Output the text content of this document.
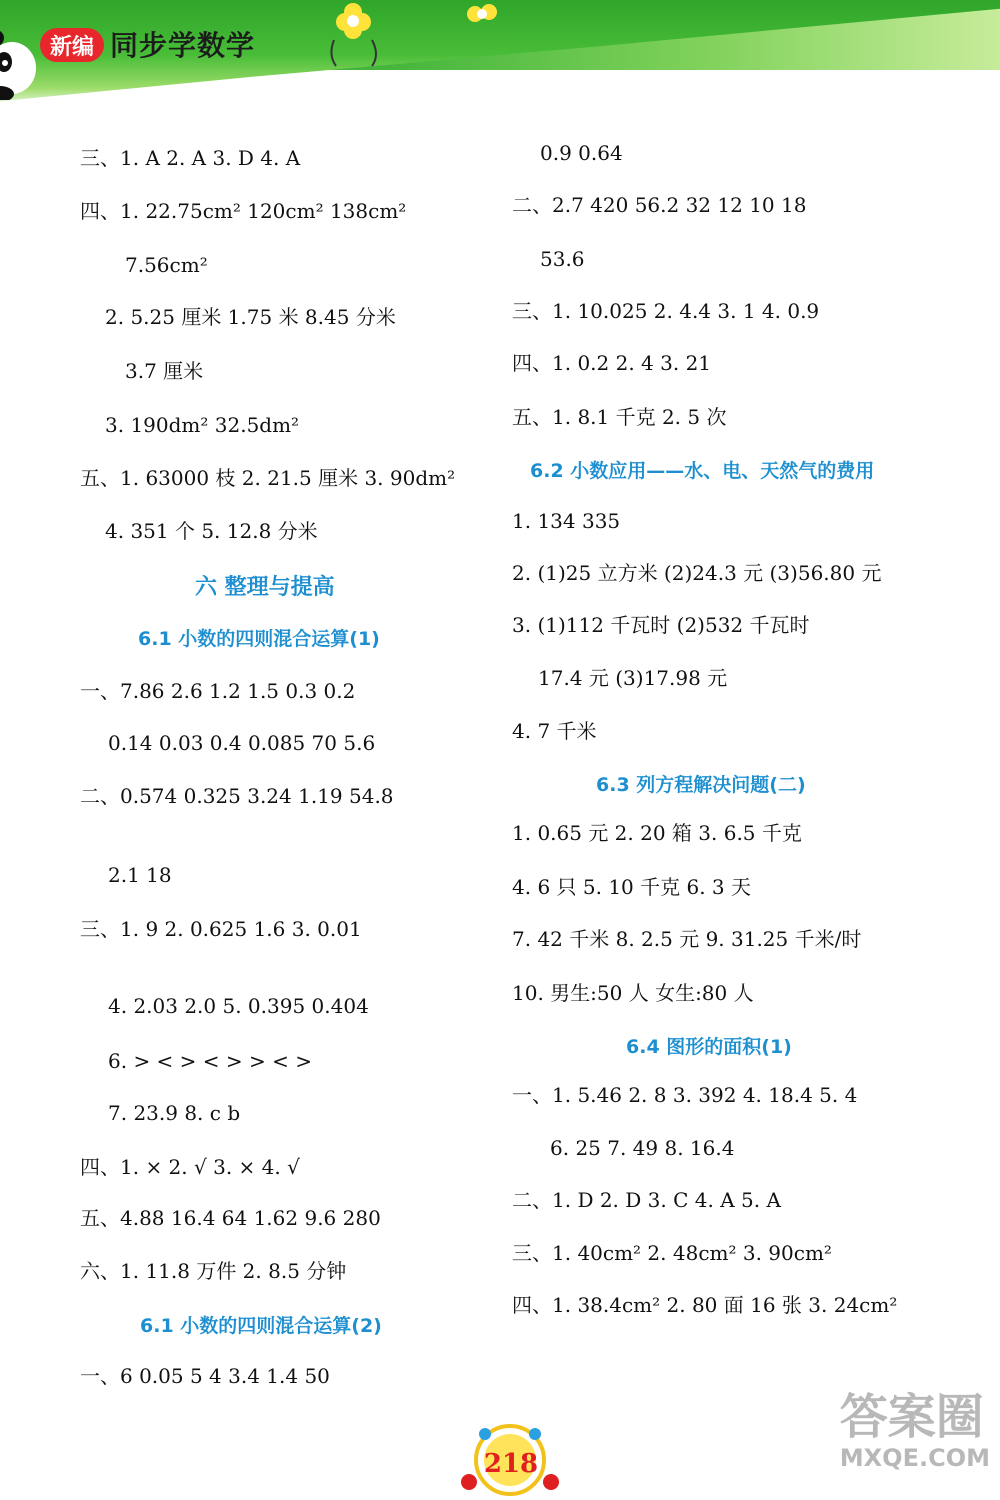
新编 同步学数学
三、1. A 2. A 3. D 4. A
四、1. 22.75cm² 120cm² 138cm²
7.56cm²
2. 5.25 厘米 1.75 米 8.45 分米
3.7 厘米
3. 190dm² 32.5dm²
五、1. 63000 枝 2. 21.5 厘米 3. 90dm²
4. 351 个 5. 12.8 分米
一、7.86 2.6 1.2 1.5 0.3 0.2
0.14 0.03 0.4 0.085 70 5.6
二、0.574 0.325 3.24 1.19 54.8
2.1 18
三、1. 9 2. 0.625 1.6 3. 0.01
4. 2.03 2.0 5. 0.395 0.404
6. > < > < > > < >
7. 23.9 8. c b
四、1. × 2. √ 3. × 4. √
五、4.88 16.4 64 1.62 9.6 280
六、1. 11.8 万件 2. 8.5 分钟
一、6 0.05 5 4 3.4 1.4 50
0.9 0.64
二、2.7 420 56.2 32 12 10 18
53.6
三、1. 10.025 2. 4.4 3. 1 4. 0.9
四、1. 0.2 2. 4 3. 21
五、1. 8.1 千克 2. 5 次
1. 134 335
2. (1)25 立方米 (2)24.3 元 (3)56.80 元
3. (1)112 千瓦时 (2)532 千瓦时
17.4 元 (3)17.98 元
4. 7 千米
1. 0.65 元 2. 20 箱 3. 6.5 千克
4. 6 只 5. 10 千克 6. 3 天
7. 42 千米 8. 2.5 元 9. 31.25 千米/时
10. 男生:50 人 女生:80 人
一、1. 5.46 2. 8 3. 392 4. 18.4 5. 4
6. 25 7. 49 8. 16.4
二、1. D 2. D 3. C 4. A 5. A
三、1. 40cm² 2. 48cm² 3. 90cm²
四、1. 38.4cm² 2. 80 面 16 张 3. 24cm²
六 整理与提高
6.1 小数的四则混合运算(1)
6.1 小数的四则混合运算(2)
6.2 小数应用——水、电、天然气的费用
6.3 列方程解决问题(二)
6.4 图形的面积(1)
218
答案圈
MXQE.COM
